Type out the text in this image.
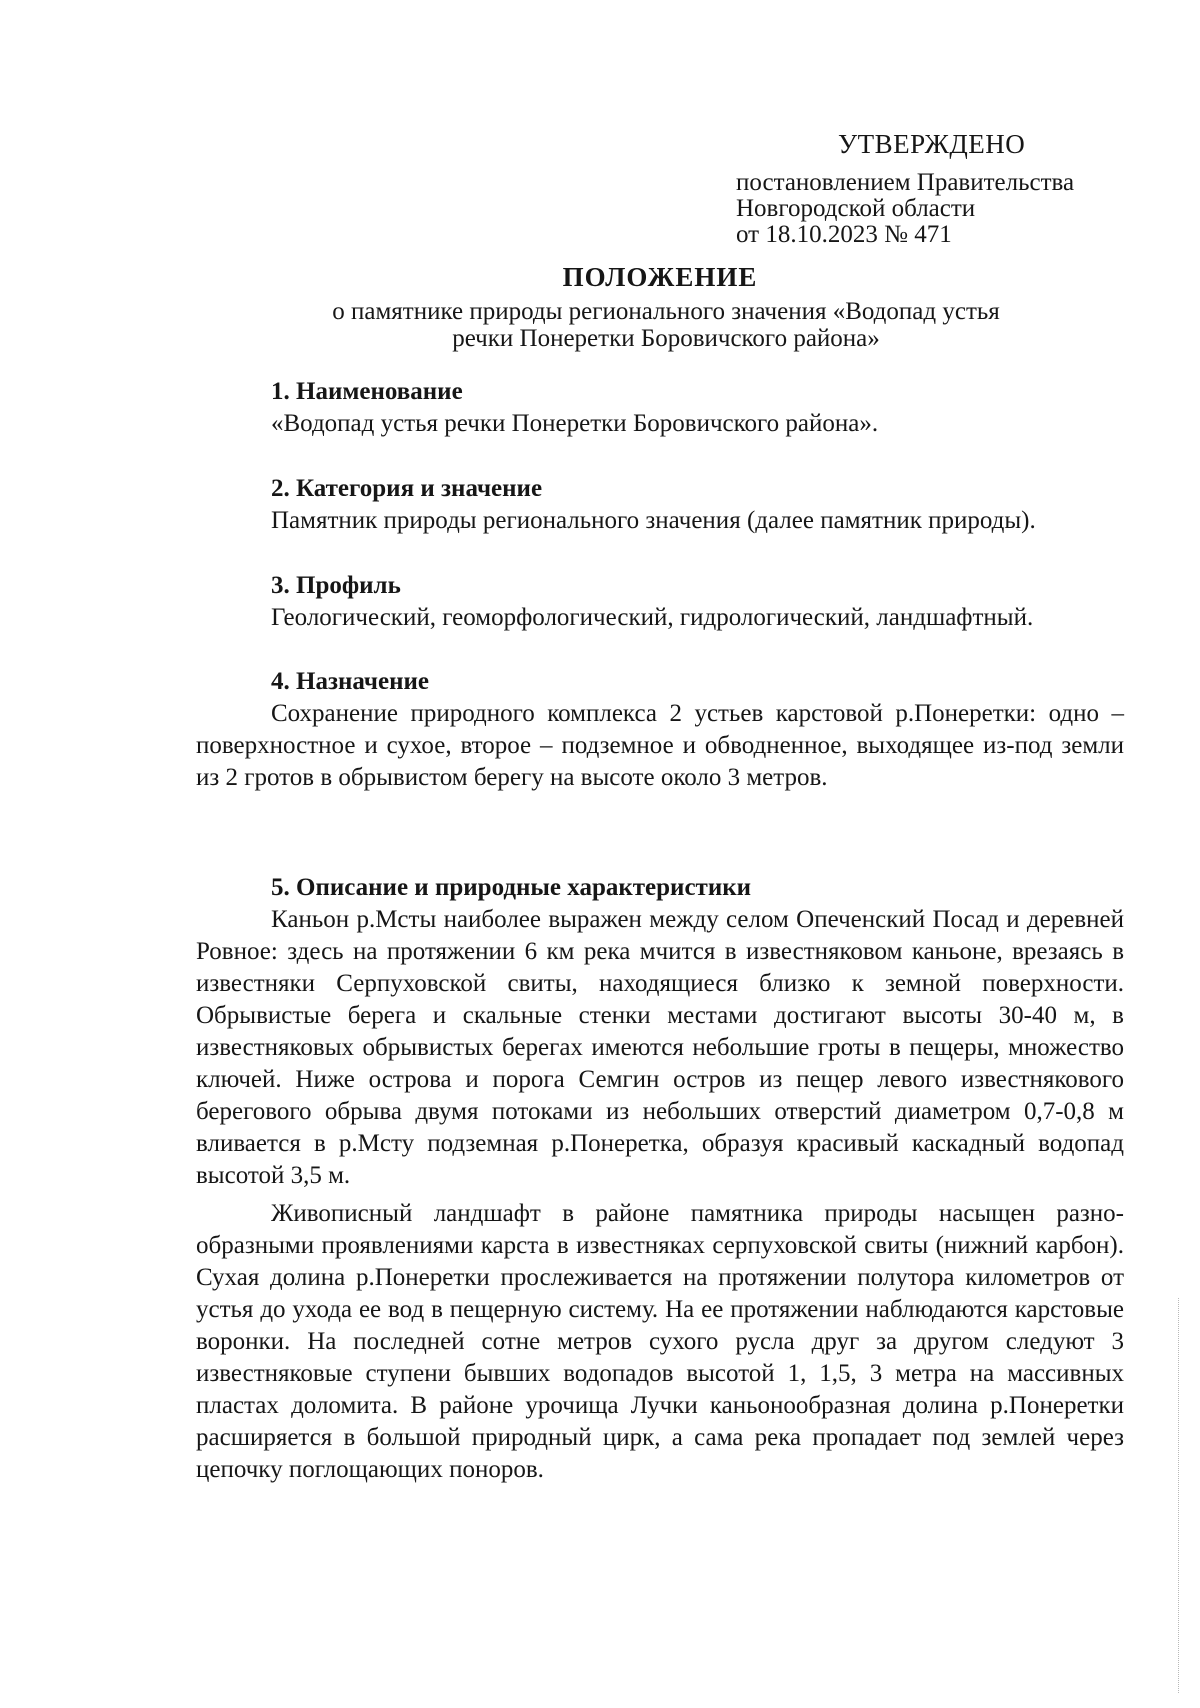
УТВЕРЖДЕНО
постановлением Правительства
Новгородской области
от 18.10.2023 № 471
ПОЛОЖЕНИЕ
о памятнике природы регионального значения «Водопад устья
речки Понеретки Боровичского района»
1. Наименование
«Водопад устья речки Понеретки Боровичского района».
2. Категория и значение
Памятник природы регионального значения (далее памятник природы).
3. Профиль
Геологический, геоморфологический, гидрологический, ландшафтный.
4. Назначение

Сохранение природного комплекса 2 устьев карстовой р.Понеретки: одно – поверхностное и сухое, второе – подземное и обводненное, выходящее из-под земли из 2 гротов в обрывистом берегу на высоте около 3 метров.

5. Описание и природные характеристики

Каньон р.Мсты наиболее выражен между селом Опеченский Посад и деревней Ровное: здесь на протяжении 6 км река мчится в известняковом каньоне, врезаясь в известняки Серпуховской свиты, находящиеся близко к земной поверхности. Обрывистые берега и скальные стенки местами достигают высоты 30-40 м, в известняковых обрывистых берегах имеются небольшие гроты в пещеры, множество ключей. Ниже острова и порога Семгин остров из пещер левого известнякового берегового обрыва двумя потоками из небольших отверстий диаметром 0,7-0,8 м вливается в р.Мсту подземная р.Понеретка, образуя красивый каскадный водопад высотой 3,5 м.

Живописный ландшафт в районе памятника природы насыщен разно-образными проявлениями карста в известняках серпуховской свиты (нижний карбон). Сухая долина р.Понеретки прослеживается на протяжении полутора километров от устья до ухода ее вод в пещерную систему. На ее протяжении наблюдаются карстовые воронки. На последней сотне метров сухого русла друг за другом следуют 3 известняковые ступени бывших водопадов высотой 1, 1,5, 3 метра на массивных пластах доломита. В районе урочища Лучки каньонообразная долина р.Понеретки расширяется в большой природный цирк, а сама река пропадает под землей через цепочку поглощающих поноров.
